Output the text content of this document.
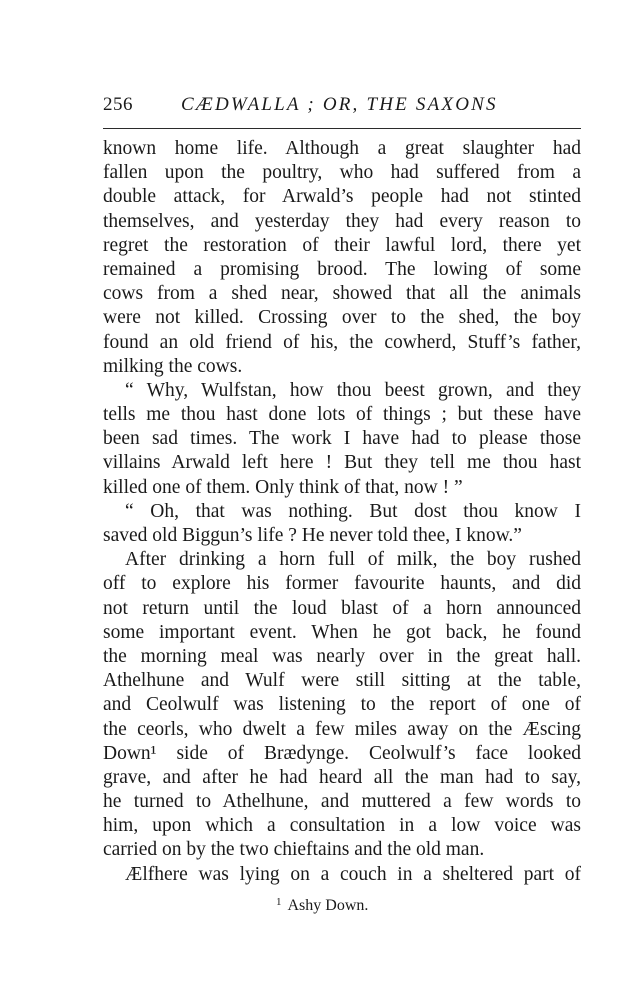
256	CÆDWALLA ; OR, THE SAXONS
known home life. Although a great slaughter had
fallen upon the poultry, who had suffered from a
double attack, for Arwald’s people had not stinted
themselves, and yesterday they had every reason to
regret the restoration of their lawful lord, there yet
remained a promising brood. The lowing of some
cows from a shed near, showed that all the animals
were not killed. Crossing over to the shed, the boy
found an old friend of his, the cowherd, Stuff’s father,
milking the cows.
“ Why, Wulfstan, how thou beest grown, and they
tells me thou hast done lots of things ; but these have
been sad times. The work I have had to please those
villains Arwald left here ! But they tell me thou hast
killed one of them. Only think of that, now ! ”
“ Oh, that was nothing. But dost thou know I
saved old Biggun’s life ? He never told thee, I know.”
After drinking a horn full of milk, the boy rushed
off to explore his former favourite haunts, and did
not return until the loud blast of a horn announced
some important event. When he got back, he found
the morning meal was nearly over in the great hall.
Athelhune and Wulf were still sitting at the table,
and Ceolwulf was listening to the report of one of
the ceorls, who dwelt a few miles away on the Æscing
Down¹ side of Brædynge. Ceolwulf’s face looked
grave, and after he had heard all the man had to say,
he turned to Athelhune, and muttered a few words to
him, upon which a consultation in a low voice was
carried on by the two chieftains and the old man.
Ælfhere was lying on a couch in a sheltered part of
$^1$ Ashy Down.
